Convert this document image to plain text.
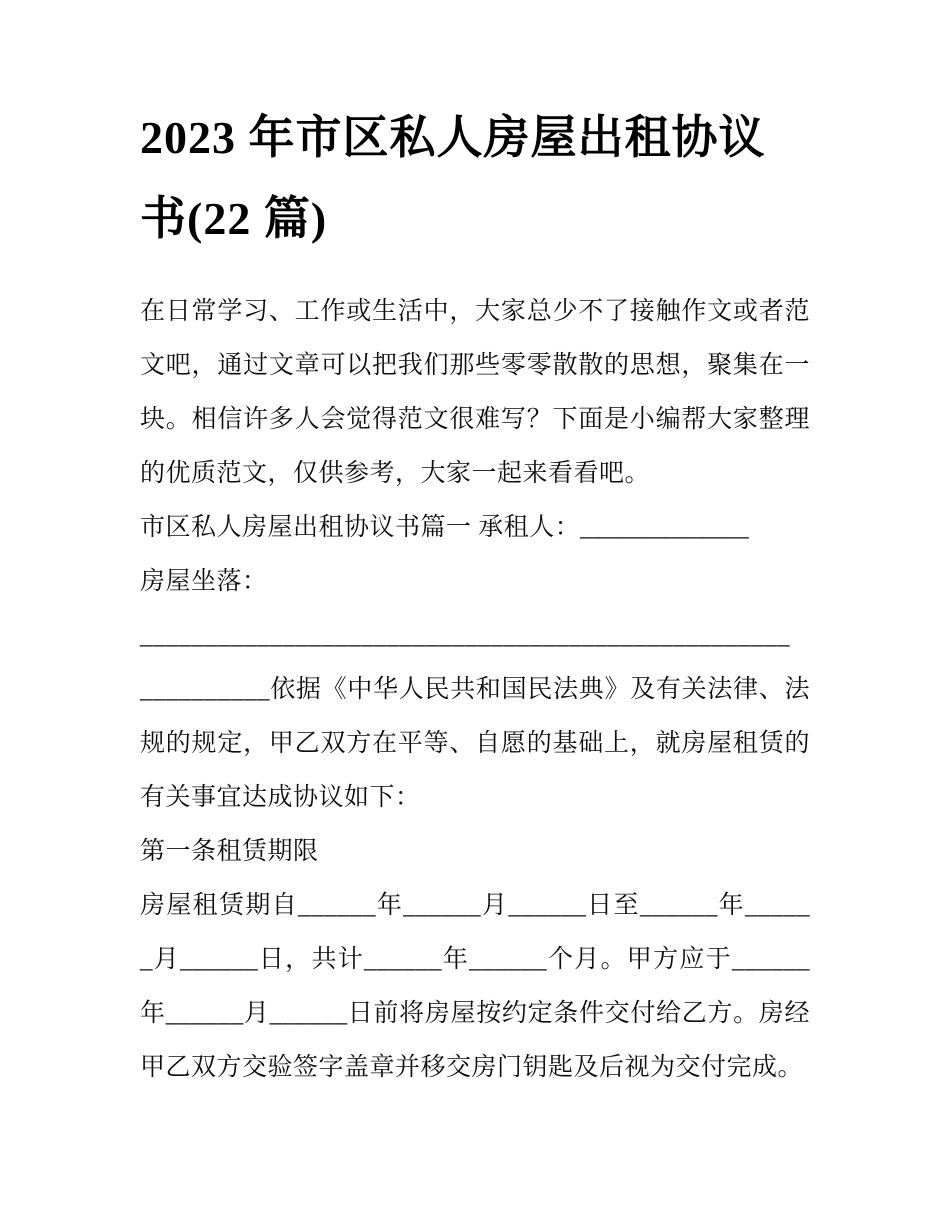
2023 年市区私人房屋出租协议书(22 篇)

在日常学习、工作或生活中，大家总少不了接触作文或者范文吧，通过文章可以把我们那些零零散散的思想，聚集在一块。相信许多人会觉得范文很难写？下面是小编帮大家整理的优质范文，仅供参考，大家一起来看看吧。

市区私人房屋出租协议书篇一 承租人：_____________

房屋坐落：

__________________________________________________

__________依据《中华人民共和国民法典》及有关法律、法规的规定，甲乙双方在平等、自愿的基础上，就房屋租赁的有关事宜达成协议如下：

第一条租赁期限

房屋租赁期自______年______月______日至______年______月______日，共计______年______个月。甲方应于______年______月______日前将房屋按约定条件交付给乙方。房经甲乙双方交验签字盖章并移交房门钥匙及后视为交付完成。
